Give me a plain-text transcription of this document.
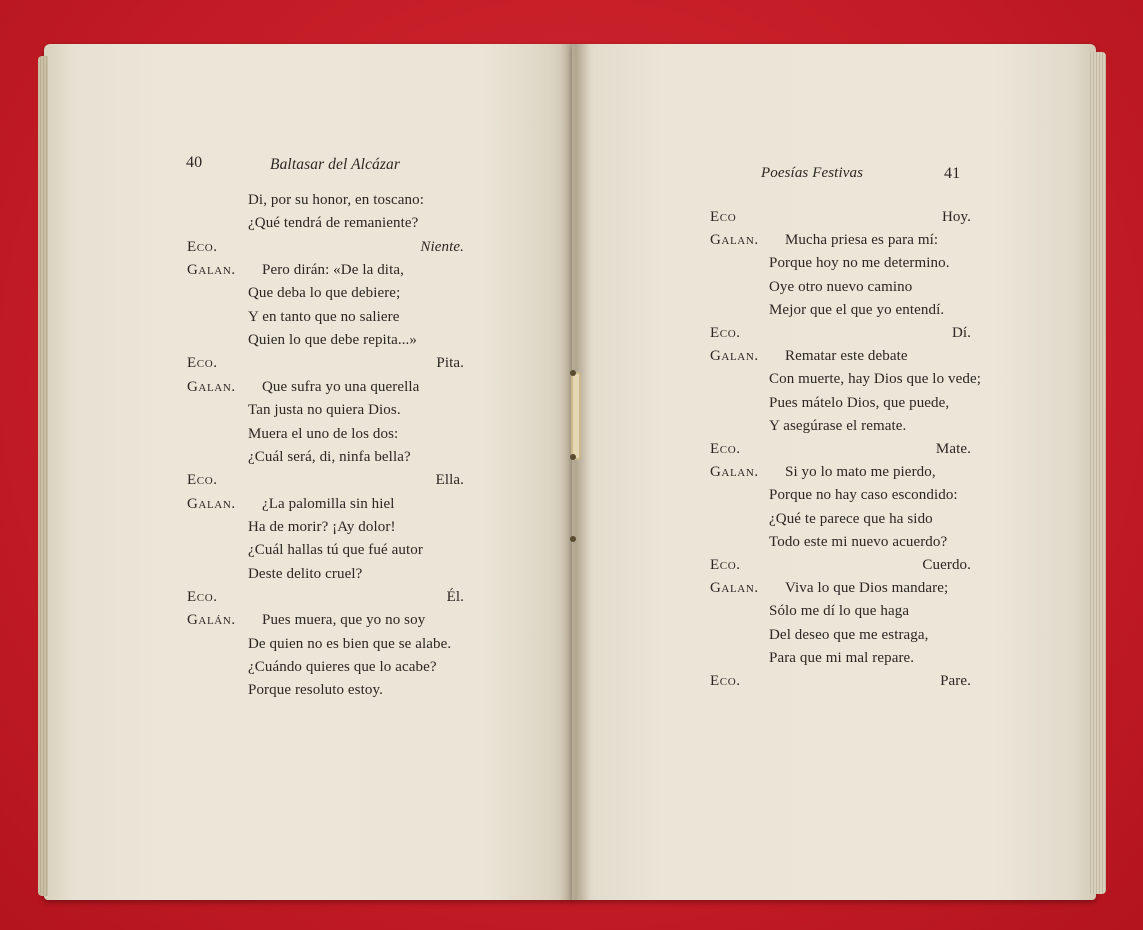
40	Baltasar del Alcázar
Di, por su honor, en toscano:
¿Qué tendrá de remaniente?
Eco.	Niente.
Galan. Pero dirán: «De la dita,
Que deba lo que debiere;
Y en tanto que no saliere
Quien lo que debe repita...»
Eco.	Pita.
Galan. Que sufra yo una querella
Tan justa no quiera Dios.
Muera el uno de los dos:
¿Cuál será, di, ninfa bella?
Eco.	Ella.
Galan. ¿La palomilla sin hiel
Ha de morir? ¡Ay dolor!
¿Cuál hallas tú que fué autor
Deste delito cruel?
Eco.	Él.
Galán. Pues muera, que yo no soy
De quien no es bien que se alabe.
¿Cuándo quieres que lo acabe?
Porque resoluto estoy.
Poesías Festivas	41
Eco	Hoy.
Galan. Mucha priesa es para mí:
Porque hoy no me determino.
Oye otro nuevo camino
Mejor que el que yo entendí.
Eco.	Dí.
Galan. Rematar este debate
Con muerte, hay Dios que lo vede;
Pues mátelo Dios, que puede,
Y asegúrase el remate.
Eco.	Mate.
Galan. Si yo lo mato me pierdo,
Porque no hay caso escondido:
¿Qué te parece que ha sido
Todo este mi nuevo acuerdo?
Eco.	Cuerdo.
Galan. Viva lo que Dios mandare;
Sólo me dí lo que haga
Del deseo que me estraga,
Para que mi mal repare.
Eco.	Pare.
